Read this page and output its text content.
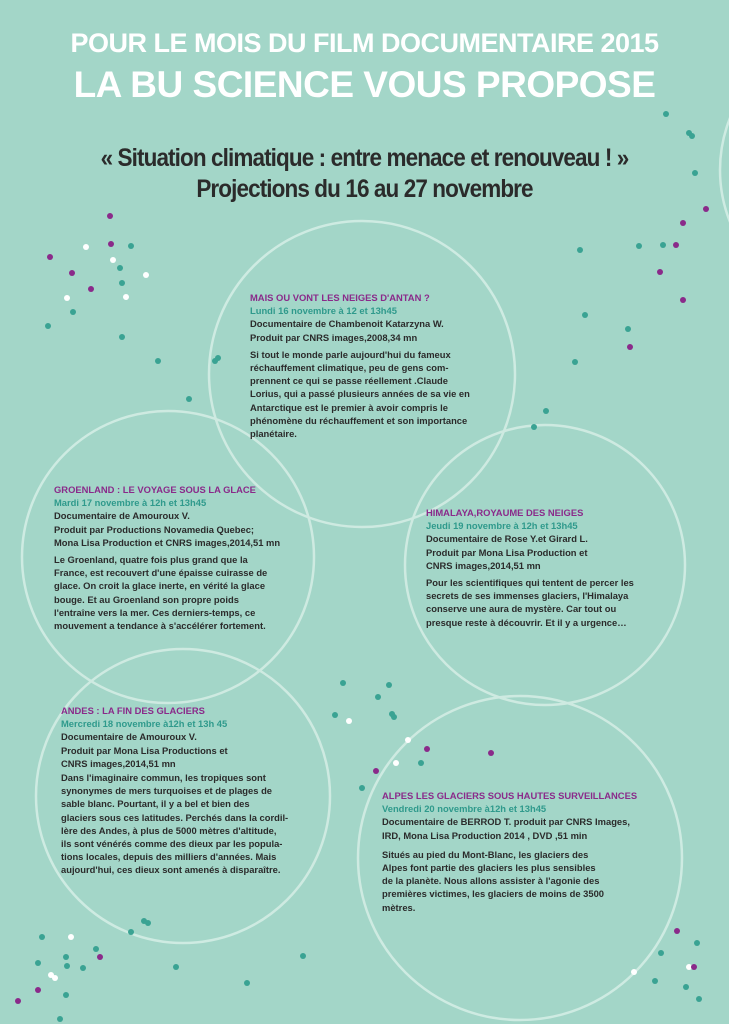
POUR LE MOIS DU FILM DOCUMENTAIRE 2015
LA BU SCIENCE VOUS PROPOSE
« Situation climatique : entre menace et renouveau ! »
Projections du 16 au 27 novembre
MAIS OU VONT LES NEIGES D'ANTAN ?
Lundi 16 novembre à 12 et 13h45
Documentaire de Chambenoit Katarzyna W.
Produit par CNRS images,2008,34 mn
Si tout le monde parle aujourd'hui du fameux
réchauffement climatique, peu de gens com-
prennent ce qui se passe réellement .Claude
Lorius, qui a passé plusieurs années de sa vie en
Antarctique est le premier à avoir compris le
phénomène du réchauffement et son importance
planétaire.
GROENLAND : LE VOYAGE SOUS LA GLACE
Mardi 17 novembre à 12h et 13h45
Documentaire de Amouroux V.
Produit par Productions Novamedia Quebec;
Mona Lisa Production et CNRS images,2014,51 mn
Le Groenland, quatre fois plus grand que la
France, est recouvert d'une épaisse cuirasse de
glace. On croit la glace inerte, en vérité la glace
bouge. Et au Groenland son propre poids
l'entraîne vers la mer. Ces derniers-temps, ce
mouvement a tendance à s'accélérer fortement.
HIMALAYA,ROYAUME DES NEIGES
Jeudi 19 novembre à 12h et 13h45
Documentaire de Rose Y.et Girard L.
Produit par Mona Lisa Production et
CNRS images,2014,51 mn
Pour les scientifiques qui tentent de percer les
secrets de ses immenses glaciers, l'Himalaya
conserve une aura de mystère. Car tout ou
presque reste à découvrir. Et il y a urgence…
ANDES : LA FIN DES GLACIERS
Mercredi 18 novembre à12h et 13h 45
Documentaire de Amouroux V.
Produit par Mona Lisa Productions et
CNRS images,2014,51 mn
Dans l'imaginaire commun, les tropiques sont
synonymes de mers turquoises et de plages de
sable blanc. Pourtant, il y a bel et bien des
glaciers sous ces latitudes. Perchés dans la cordil-
lère des Andes, à plus de 5000 mètres d'altitude,
ils sont vénérés comme des dieux par les popula-
tions locales, depuis des milliers d'années. Mais
aujourd'hui, ces dieux sont amenés à disparaître.
ALPES LES GLACIERS SOUS HAUTES SURVEILLANCES
Vendredi 20 novembre à12h et 13h45
Documentaire de BERROD T. produit par CNRS Images,
IRD, Mona Lisa Production 2014 , DVD ,51 min
Situés au pied du Mont-Blanc, les glaciers des
Alpes font partie des glaciers les plus sensibles
de la planète. Nous allons assister à l'agonie des
premières victimes, les glaciers de moins de 3500
mètres.
